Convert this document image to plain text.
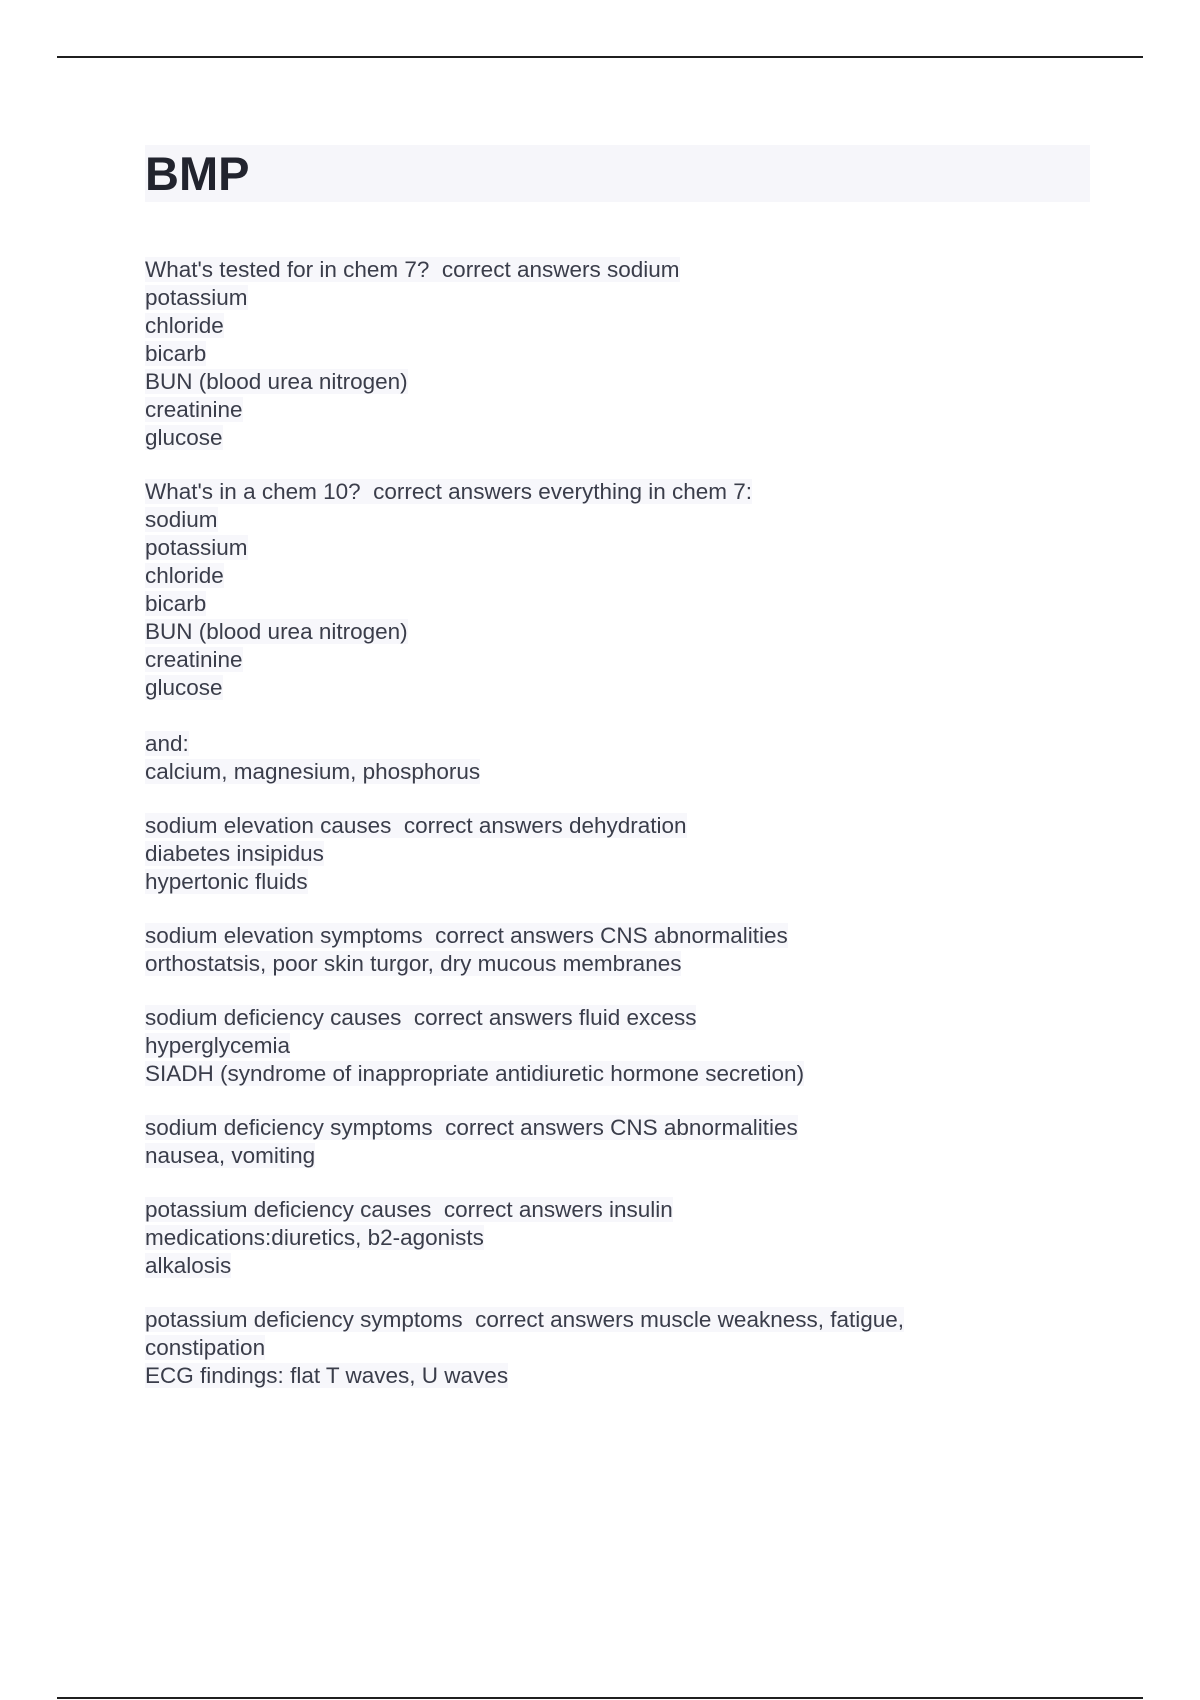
BMP
What's tested for in chem 7?  correct answers sodium
potassium
chloride
bicarb
BUN (blood urea nitrogen)
creatinine
glucose
What's in a chem 10?  correct answers everything in chem 7:
sodium
potassium
chloride
bicarb
BUN (blood urea nitrogen)
creatinine
glucose
and:
calcium, magnesium, phosphorus
sodium elevation causes  correct answers dehydration
diabetes insipidus
hypertonic fluids
sodium elevation symptoms  correct answers CNS abnormalities
orthostatsis, poor skin turgor, dry mucous membranes
sodium deficiency causes  correct answers fluid excess
hyperglycemia
SIADH (syndrome of inappropriate antidiuretic hormone secretion)
sodium deficiency symptoms  correct answers CNS abnormalities
nausea, vomiting
potassium deficiency causes  correct answers insulin
medications:diuretics, b2-agonists
alkalosis
potassium deficiency symptoms  correct answers muscle weakness, fatigue,
constipation
ECG findings: flat T waves, U waves
